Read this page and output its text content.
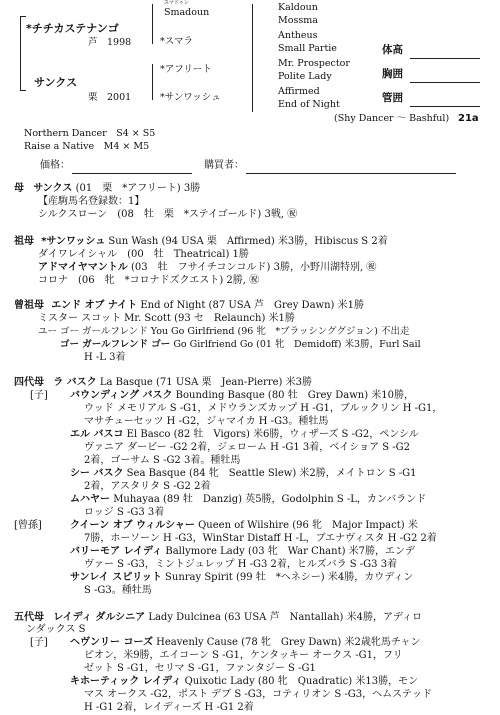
*チチカステナンゴ
芦　1998
サンクス
栗　2001
スマドゥン
Smadoun
*スマラ
*アフリート
*サンワッシュ
Kaldoun
Mossma
Antheus
Small Partie
Mr. Prospector
Polite Lady
Affirmed
End of Night
体高
胸囲
管囲
(Shy Dancer 〜 Bashful) 21a
Northern Dancer　S4 × S5
Raise a Native　M4 × M5
価格：	購買者：
母 サンクス (01　栗　*アフリート) 3勝
【産駒馬名登録数：1】
シルクスローン　(08　牡　栗　*ステイゴールド) 3戦, ㊗
祖母 *サンワッシュ Sun Wash (94 USA 栗　Affirmed) 米3勝，Hibiscus S 2着
ダイワレイシャル　(00　牡　Theatrical) 1勝
アドマイヤマントル (03　牡　フサイチコンコルド) 3勝，小野川湖特別, ㊗
コロナ　(06　牝　*コロナドズクエスト) 2勝, ㊗
曾祖母 エンド オブ ナイト End of Night (87 USA 芦　Grey Dawn) 米1勝
ミスター スコット Mr. Scott (93 セ　Relaunch) 米1勝
ユー ゴー ガールフレンド You Go Girlfriend (96 牝　*ブラッシンググジョン) 不出走
ゴー ガールフレンド ゴー Go Girlfriend Go (01 牝　Demidoff) 米3勝，Furl Sail
H -L 3着
四代母 ラ バスク La Basque (71 USA 栗　Jean-Pierre) 米3勝
[子]
[曾孫]
バウンディング バスク Bounding Basque (80 牡　Grey Dawn) 米10勝，
ウッド メモリアル S -G1，メドウランズカップ H -G1，ブルックリン H -G1，
マサチューセッツ H -G2，ジャマイカ H -G3。種牡馬
エル バスコ El Basco (82 牡　Vigors) 米6勝，ウィザーズ S -G2，ペンシル
ヴァニア ダービー -G2 2着，ジェローム H -G1 3着，ベイショア S -G2
2着，ゴーサム S -G2 3着。種牡馬
シー バスク Sea Basque (84 牝　Seattle Slew) 米2勝，メイトロン S -G1
2着，アスタリタ S -G2 2着
ムハヤー Muhayaa (89 牡　Danzig) 英5勝，Godolphin S -L，カンバランド
ロッジ S -G3 3着
クイーン オブ ウィルシャー Queen of Wilshire (96 牝　Major Impact) 米
7勝，ホーソーン H -G3，WinStar Distaff H -L，ブエナヴィスタ H -G2 2着
バリーモア レイディ Ballymore Lady (03 牝　War Chant) 米7勝，エンデ
ヴァー S -G3，ミントジュレップ H -G3 2着，ヒルズバラ S -G3 3着
サンレイ スピリット Sunray Spirit (99 牡　*ヘネシー) 米4勝，カウディン
S -G3。種牡馬
五代母 レイディ ダルシニア Lady Dulcinea (63 USA 芦　Nantallah) 米4勝，アディロ
ンダックス S
[子] ヘヴンリー コーズ Heavenly Cause (78 牝　Grey Dawn) 米2歳牝馬チャン
ピオン，米9勝，エイコーン S -G1，ケンタッキー オークス -G1，フリ
ゼット S -G1，セリマ S -G1，ファンタジー S -G1
キホーティック レイディ Quixotic Lady (80 牝　Quadratic) 米13勝，モン
マス オークス -G2，ポスト デブ S -G3，コティリオン S -G3，ヘムステッド
H -G1 2着，レイディーズ H -G1 2着
